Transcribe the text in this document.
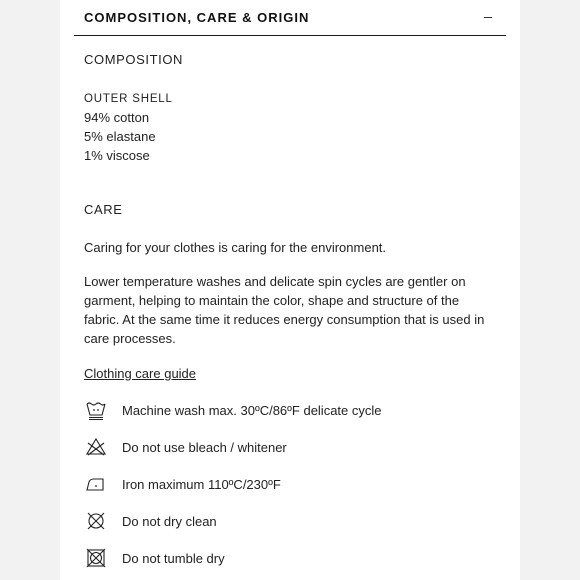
COMPOSITION, CARE & ORIGIN
COMPOSITION
OUTER SHELL
94% cotton
5% elastane
1% viscose
CARE
Caring for your clothes is caring for the environment.
Lower temperature washes and delicate spin cycles are gentler on garment, helping to maintain the color, shape and structure of the fabric. At the same time it reduces energy consumption that is used in care processes.
Clothing care guide
Machine wash max. 30ºC/86ºF delicate cycle
Do not use bleach / whitener
Iron maximum 110ºC/230ºF
Do not dry clean
Do not tumble dry
